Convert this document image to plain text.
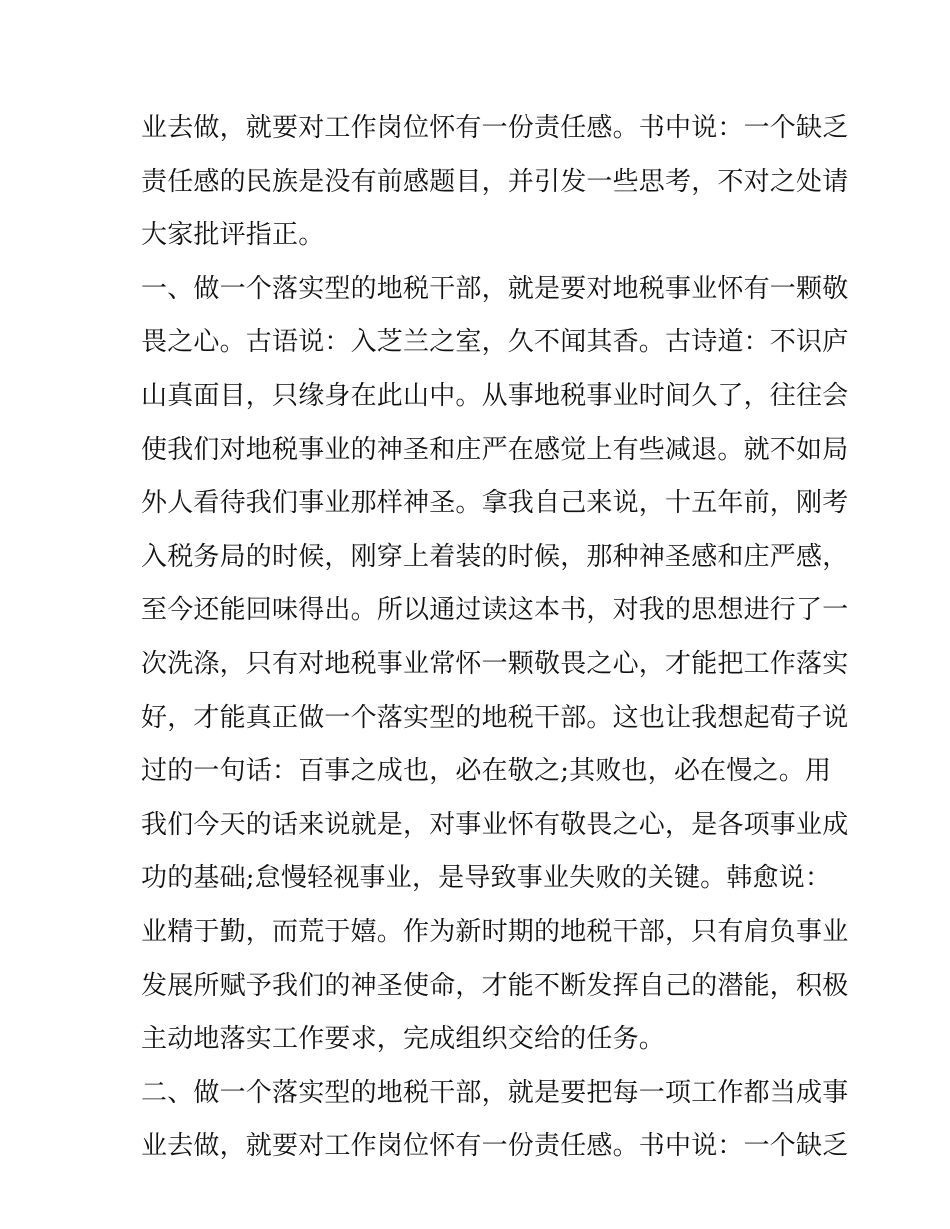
业去做，就要对工作岗位怀有一份责任感。书中说：一个缺乏
责任感的民族是没有前感题目，并引发一些思考，不对之处请
大家批评指正。
一、做一个落实型的地税干部，就是要对地税事业怀有一颗敬
畏之心。古语说：入芝兰之室，久不闻其香。古诗道：不识庐
山真面目，只缘身在此山中。从事地税事业时间久了，往往会
使我们对地税事业的神圣和庄严在感觉上有些减退。就不如局
外人看待我们事业那样神圣。拿我自己来说，十五年前，刚考
入税务局的时候，刚穿上着装的时候，那种神圣感和庄严感，
至今还能回味得出。所以通过读这本书，对我的思想进行了一
次洗涤，只有对地税事业常怀一颗敬畏之心，才能把工作落实
好，才能真正做一个落实型的地税干部。这也让我想起荀子说
过的一句话：百事之成也，必在敬之;其败也，必在慢之。用
我们今天的话来说就是，对事业怀有敬畏之心，是各项事业成
功的基础;怠慢轻视事业，是导致事业失败的关键。韩愈说：
业精于勤，而荒于嬉。作为新时期的地税干部，只有肩负事业
发展所赋予我们的神圣使命，才能不断发挥自己的潜能，积极
主动地落实工作要求，完成组织交给的任务。
二、做一个落实型的地税干部，就是要把每一项工作都当成事
业去做，就要对工作岗位怀有一份责任感。书中说：一个缺乏
